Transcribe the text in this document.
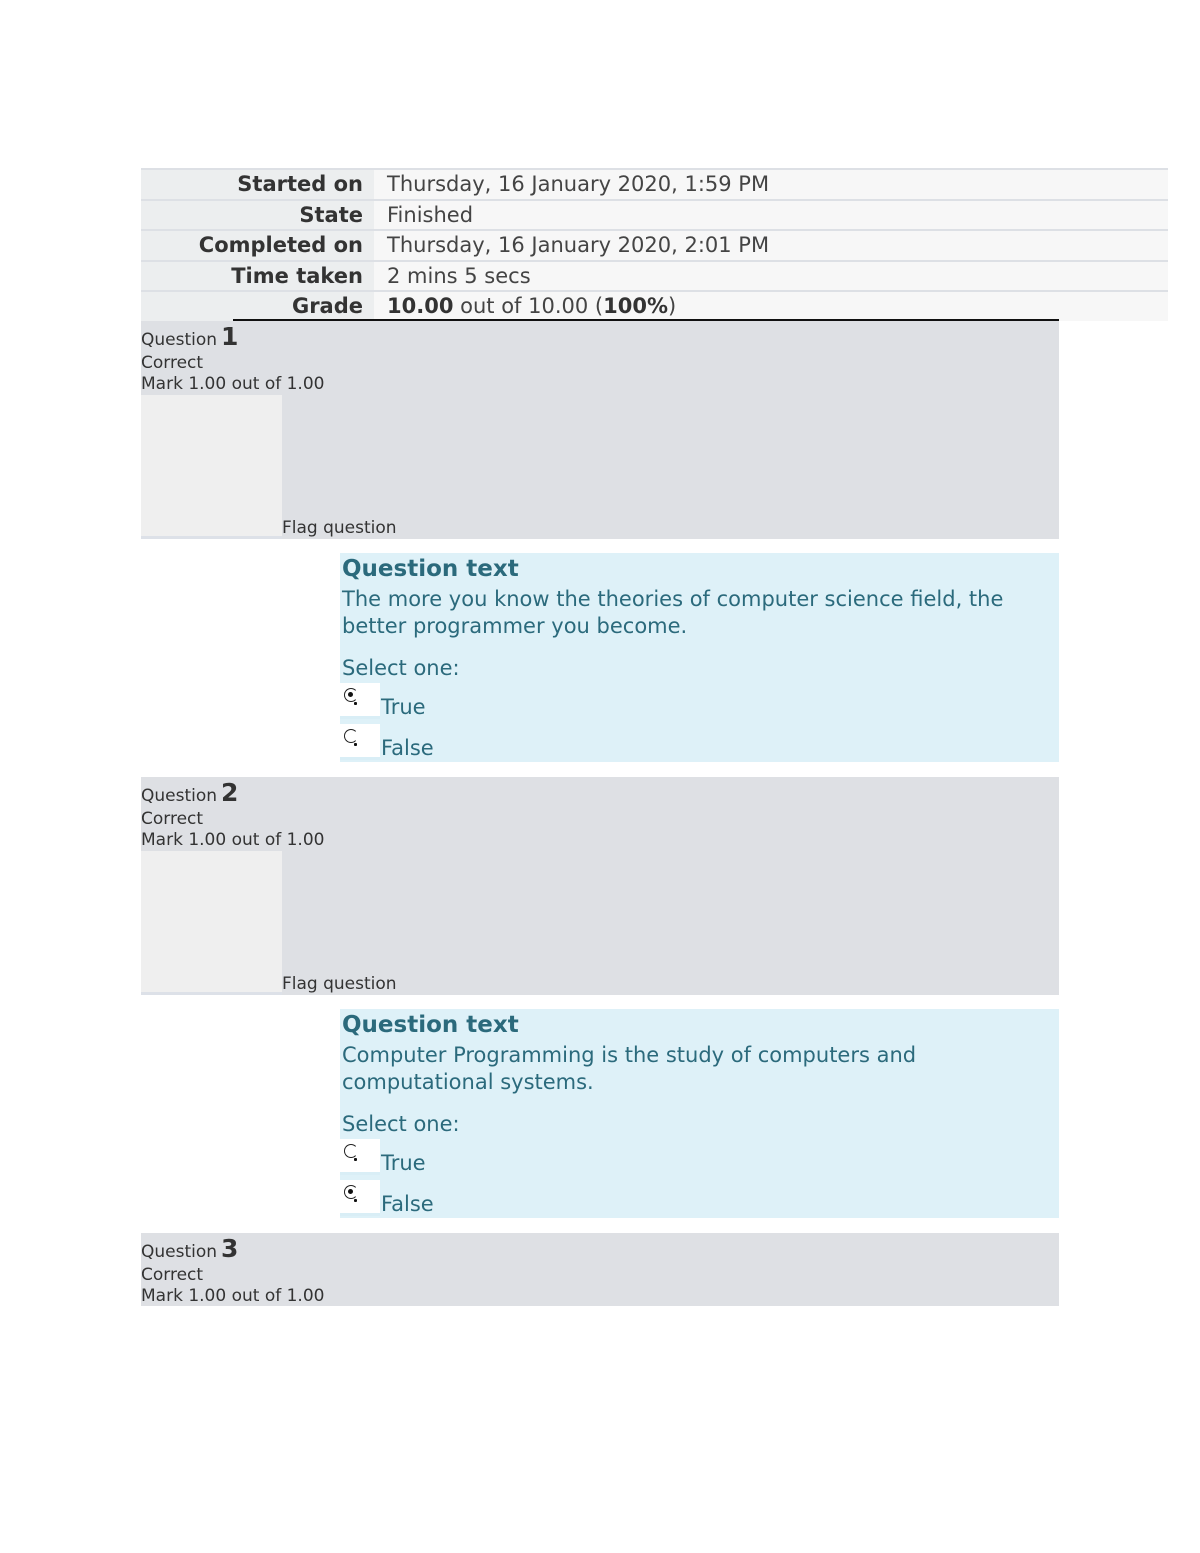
Started on	Thursday, 16 January 2020, 1:59 PM
State	Finished
Completed on	Thursday, 16 January 2020, 2:01 PM
Time taken	2 mins 5 secs
Grade	10.00 out of 10.00 (100%)
Question 1
Correct
Mark 1.00 out of 1.00
Flag question
Question text
The more you know the theories of computer science field, the better programmer you become.
Select one:
True
False
Question 2
Correct
Mark 1.00 out of 1.00
Flag question
Question text
Computer Programming is the study of computers and computational systems.
Select one:
True
False
Question 3
Correct
Mark 1.00 out of 1.00
